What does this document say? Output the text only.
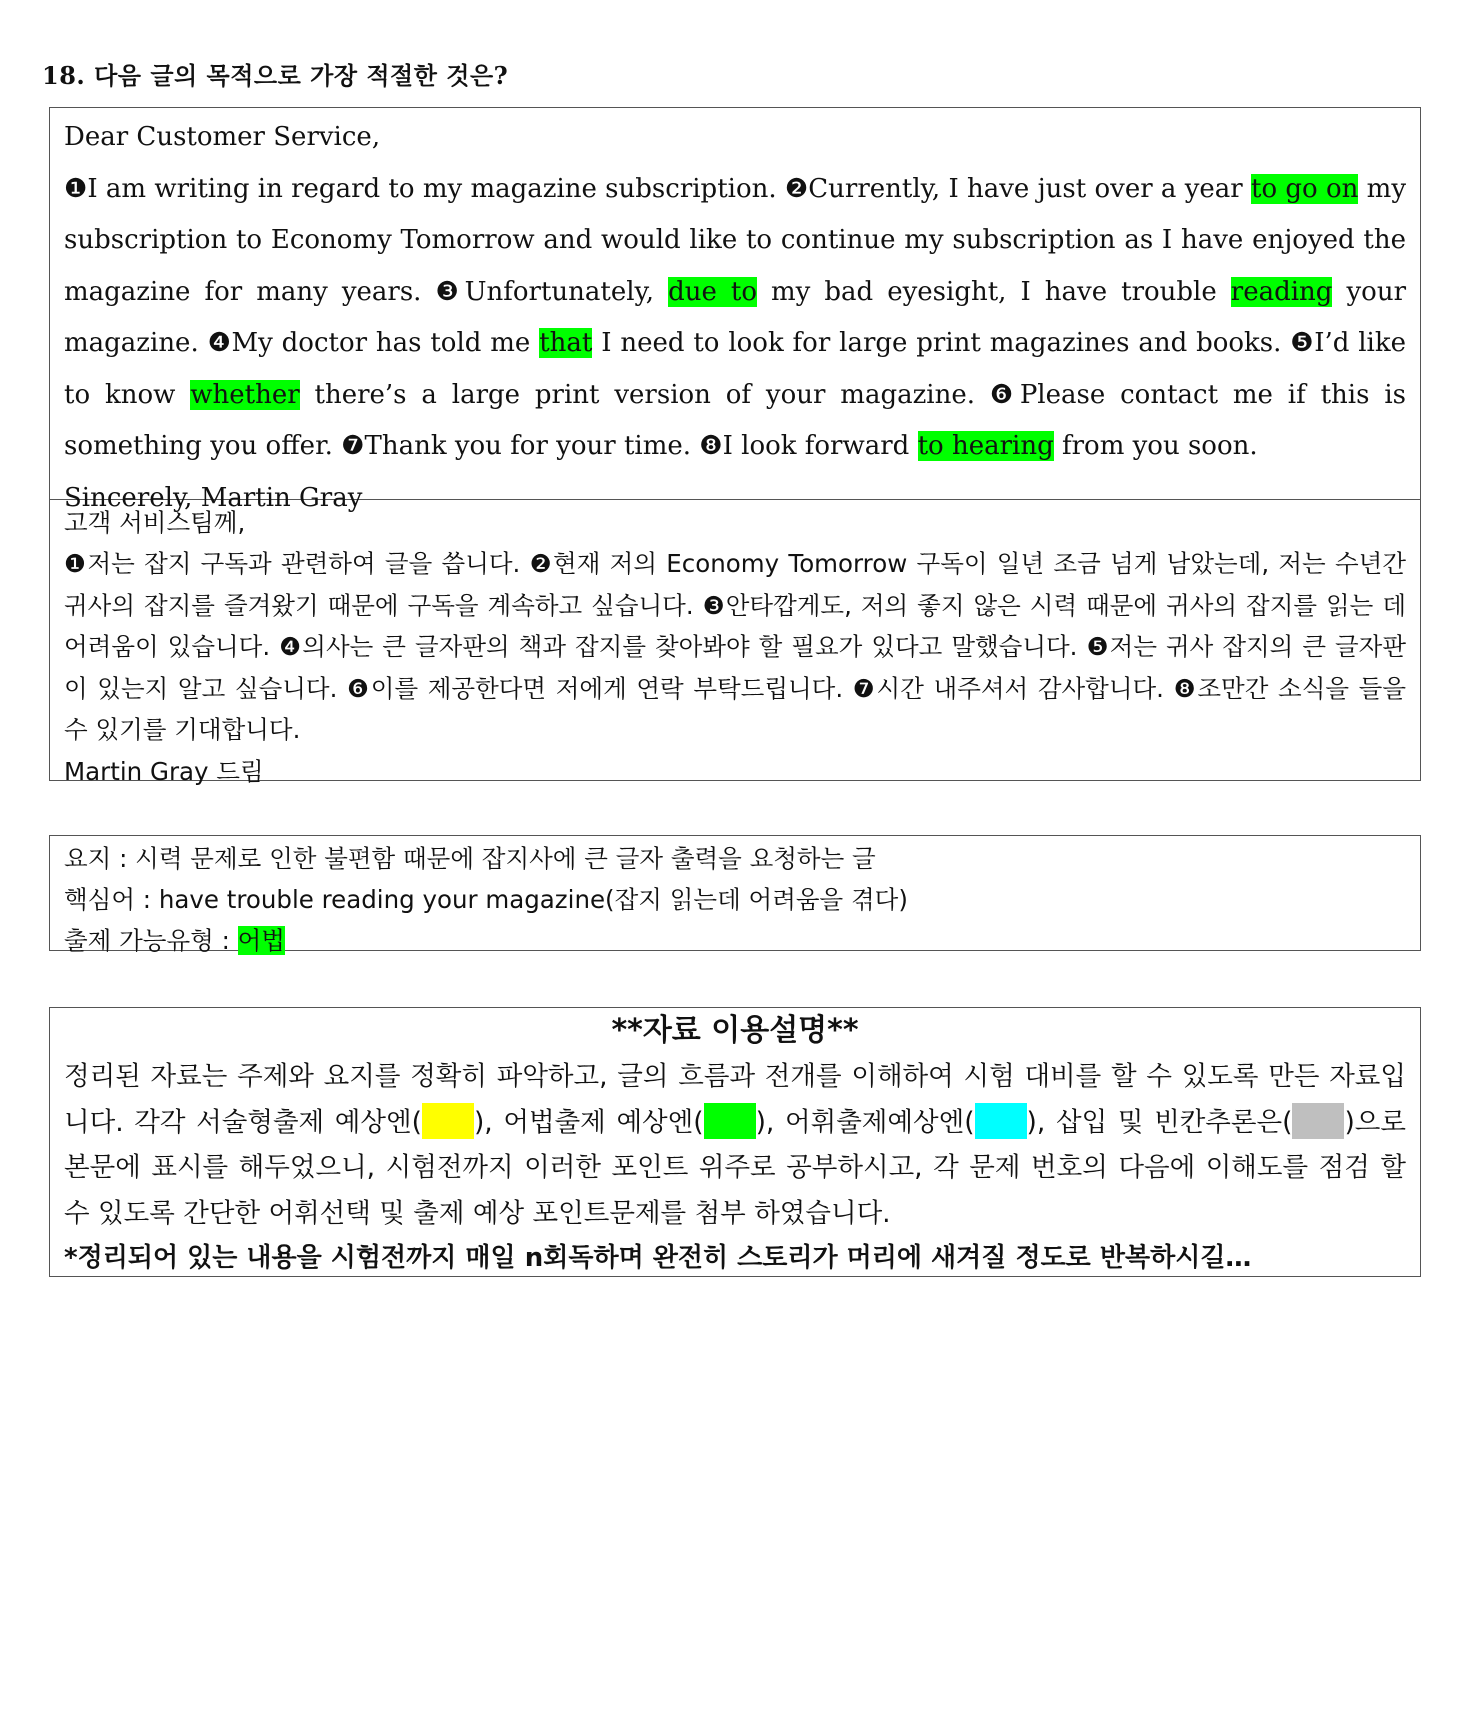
18. 다음 글의 목적으로 가장 적절한 것은?
Dear Customer Service,
❶I am writing in regard to my magazine subscription. ❷Currently, I have just over a year to go on my subscription to Economy Tomorrow and would like to continue my subscription as I have enjoyed the magazine for many years. ❸Unfortunately, due to my bad eyesight, I have trouble reading your magazine. ❹My doctor has told me that I need to look for large print magazines and books. ❺I’d like to know whether there’s a large print version of your magazine. ❻Please contact me if this is something you offer. ❼Thank you for your time. ❽I look forward to hearing from you soon.
Sincerely, Martin Gray
고객 서비스팀께,
❶저는 잡지 구독과 관련하여 글을 씁니다. ❷현재 저의 Economy Tomorrow 구독이 일년 조금 넘게 남았는데, 저는 수년간 귀사의 잡지를 즐겨왔기 때문에 구독을 계속하고 싶습니다. ❸안타깝게도, 저의 좋지 않은 시력 때문에 귀사의 잡지를 읽는 데 어려움이 있습니다. ❹의사는 큰 글자판의 책과 잡지를 찾아봐야 할 필요가 있다고 말했습니다. ❺저는 귀사 잡지의 큰 글자판이 있는지 알고 싶습니다. ❻이를 제공한다면 저에게 연락 부탁드립니다. ❼시간 내주셔서 감사합니다. ❽조만간 소식을 들을 수 있기를 기대합니다.
Martin Gray 드림
요지 : 시력 문제로 인한 불편함 때문에 잡지사에 큰 글자 출력을 요청하는 글
핵심어 : have trouble reading your magazine(잡지 읽는데 어려움을 겪다)
출제 가능유형 : 어법
**자료 이용설명**
정리된 자료는 주제와 요지를 정확히 파악하고, 글의 흐름과 전개를 이해하여 시험 대비를 할 수 있도록 만든 자료입니다. 각각 서술형출제 예상엔( ), 어법출제 예상엔( ), 어휘출제예상엔( ), 삽입 및 빈칸추론은( )으로 본문에 표시를 해두었으니, 시험전까지 이러한 포인트 위주로 공부하시고, 각 문제 번호의 다음에 이해도를 점검 할 수 있도록 간단한 어휘선택 및 출제 예상 포인트문제를 첨부 하였습니다.
*정리되어 있는 내용을 시험전까지 매일 n회독하며 완전히 스토리가 머리에 새겨질 정도로 반복하시길…
